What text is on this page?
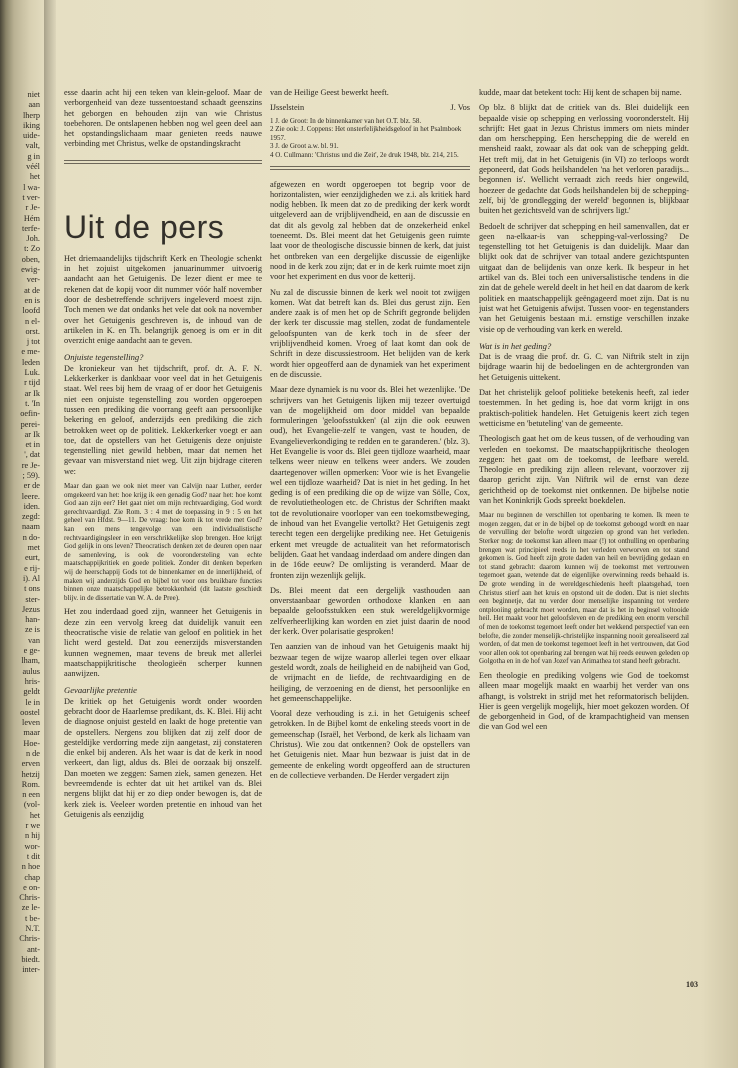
niet
aan
lherp
iking
uide-
valt,
g in
véél
het
l wa-
t ver-
r Je-
Hém
terfe-
Joh.
t: Zo
oben,
ewig-
ver-
at de
en is
loofd
n el-
orst.
j tot
e me-
leden
Luk.
r tijd
ar Ik
t. 'In
oefin-
perei-
ar Ik
et in
', dat
re Je-
; 59).
er de
leere.
iden.
zegd:
naam
n do-
met
eurt,
e rij-
i). Al
t ons
ster-
Jezus
han-
ze is
van
e ge-
lham,
aulus
hris-
geldt
le in
oostel
leven
maar
Hoe-
n de
erven
hetzij
Rom.
n een
(vol-
het
r we
n hij
wor-
t dit
n hoe
chap
e on-
Chris-
ze le-
t be-
N.T.
Chris-
ant-
biedt.
inter-

esse daarin acht hij een teken van klein-geloof. Maar de verborgenheid van deze tussentoestand schaadt geenszins het geborgen en behouden zijn van wie Christus toebehoren. De ontslapenen hebben nog wel geen deel aan het opstandingslichaam maar genieten reeds nauwe verbinding met Christus, welke de opstandingskracht

Uit de pers

Het driemaandelijks tijdschrift Kerk en Theologie schenkt in het zojuist uitgekomen januarinummer uitvoerig aandacht aan het Getuigenis. De lezer dient er mee te rekenen dat de kopij voor dit nummer vóór half november door de desbetreffende schrijvers ingeleverd moest zijn. Toch menen we dat ondanks het vele dat ook na november over het Getuigenis geschreven is, de inhoud van de artikelen in K. en Th. belangrijk genoeg is om er in dit overzicht enige aandacht aan te geven.

Onjuiste tegenstelling?

De kroniekeur van het tijdschrift, prof. dr. A. F. N. Lekkerkerker is dankbaar voor veel dat in het Getuigenis staat. Wel rees bij hem de vraag of er door het Getuigenis niet een onjuiste tegenstelling zou worden opgeroepen tussen een prediking die voorrang geeft aan persoonlijke bekering en geloof, anderzijds een prediking die zich betrokken weet op de politiek. Lekkerkerker voegt er aan toe, dat de opstellers van het Getuigenis deze onjuiste tegenstelling niet gewild hebben, maar dat nemen het gevaar van misverstand niet weg. Uit zijn bijdrage citeren we:

Maar dan gaan we ook niet meer van Calvijn naar Luther, eerder omgekeerd van het: hoe krijg ik een genadig God? naar het: hoe komt God aan zijn eer? Het gaat niet om mijn rechtvaardiging, God wordt gerechtvaardigd. Zie Rom. 3 : 4 met de toepassing in 9 : 5 en het geheel van Hfdst. 9—11. De vraag: hoe kom ik tot vrede met God? kan een mens tengevolge van een individualistische rechtvaardigingsleer in een verschrikkelijke slop brengen. Hoe krijgt God gelijk in ons leven? Theocratisch denken zet de deuren open naar de samenleving, is ook de voorondersteling van echte maatschappijkritiek en goede politiek. Zonder dit denken beperken wij de heerschappij Gods tot de binnenkamer en de innerlijkheid, of maken wij anderzijds God en bijbel tot voor ons bruikbare functies binnen onze maatschappelijke betrokkenheid (dit laatste geschiedt blijv. in de dissertatie van W. A. de Pree).

Het zou inderdaad goed zijn, wanneer het Getuigenis in deze zin een vervolg kreeg dat duidelijk vanuit een theocratische visie de relatie van geloof en politiek in het licht werd gesteld. Dat zou eenerzijds misverstanden kunnen wegnemen, maar tevens de breuk met allerlei maatschappijkritische theologieën scherper kunnen aanwijzen.

Gevaarlijke pretentie

De kritiek op het Getuigenis wordt onder woorden gebracht door de Haarlemse predikant, ds. K. Blei. Hij acht de diagnose onjuist gesteld en laakt de hoge pretentie van de opstellers. Nergens zou blijken dat zij zelf door de gesteldijke verdorring mede zijn aangetast, zij constateren die enkel bij anderen. Als het waar is dat de kerk in nood verkeert, dan ligt, aldus ds. Blei de oorzaak bij onszelf. Dan moeten we zeggen: Samen ziek, samen genezen. Het bevreemdende is echter dat uit het artikel van ds. Blei nergens blijkt dat hij er zo diep onder bewogen is, dat de kerk ziek is. Veeleer worden pretentie en inhoud van het Getuigenis als eenzijdig

van de Heilige Geest bewerkt heeft.

IJsselstein	J. Vos
1 J. de Groot: In de binnenkamer van het O.T. blz. 58.
2 Zie ook: J. Coppens: Het onsterfelijkheidsgeloof in het Psalmboek 1957.
3 J. de Groot a.w. bl. 91.
4 O. Cullmann: 'Christus und die Zeit', 2e druk 1948, blz. 214, 215.

afgewezen en wordt opgeroepen tot begrip voor de horizontalisten, wier eenzijdigheden we z.i. als kritiek hard nodig hebben. Ik meen dat zo de prediking der kerk wordt uitgeleverd aan de vrijblijvendheid, en aan de discussie en dat dit als gevolg zal hebben dat de onzekerheid enkel toeneemt. Ds. Blei meent dat het Getuigenis geen ruimte laat voor de theologische discussie binnen de kerk, dat juist het ontbreken van een dergelijke discussie de eigenlijke nood in de kerk zou zijn; dat er in de kerk ruimte moet zijn voor het experiment en dus voor de ketterij.

Nu zal de discussie binnen de kerk wel nooit tot zwijgen komen. Wat dat betreft kan ds. Blei dus gerust zijn. Een andere zaak is of men het op de Schrift gegronde belijden der kerk ter discussie mag stellen, zodat de fundamentele geloofspunten van de kerk toch in de sfeer der vrijblijvendheid komen. Vroeg of laat komt dan ook de Schrift in deze discussiestroom. Het belijden van de kerk wordt hier opgeofferd aan de dynamiek van het experiment en de discussie.

Maar deze dynamiek is nu voor ds. Blei het wezenlijke. 'De schrijvers van het Getuigenis lijken mij tezeer overtuigd van de mogelijkheid om door middel van bepaalde formuleringen 'geloofsstukken' (al zijn die ook eeuwen oud), het Evangelie-zelf te vangen, vast te houden, de Evangelieverkondiging te redden en te garanderen.' (blz. 3). Het Evangelie is voor ds. Blei geen tijdloze waarheid, maar telkens weer nieuw en telkens weer anders. We zouden daartegenover willen opmerken: Voor wie is het Evangelie wel een tijdloze waarheid? Dat is niet in het geding. In het geding is of een prediking die op de wijze van Sölle, Cox, de revolutietheologen etc. de Christus der Schriften maakt tot de revolutionaire voorloper van een toekomstbeweging, de inhoud van het Evangelie vertolkt? Het Getuigenis zegt terecht tegen een dergelijke prediking nee. Het Getuigenis erkent met vreugde de actualiteit van het reformatorisch belijden. Gaat het vandaag inderdaad om andere dingen dan in de 16de eeuw? De omlijsting is veranderd. Maar de fronten zijn wezenlijk gelijk.

Ds. Blei meent dat een dergelijk vasthouden aan onverstaanbaar geworden orthodoxe klanken en aan bepaalde geloofsstukken een stuk wereldgelijkvormige zelfverheerlijking kan worden en ziet juist daarin de nood der kerk. Over polarisatie gesproken!

Ten aanzien van de inhoud van het Getuigenis maakt hij bezwaar tegen de wijze waarop allerlei tegen over elkaar gesteld wordt, zoals de heiligheid en de nabijheid van God, de vrijmacht en de liefde, de rechtvaardiging en de heiliging, de verzoening en de dienst, het persoonlijke en het gemeenschappelijke.

Vooral deze verhouding is z.i. in het Getuigenis scheef getrokken. In de Bijbel komt de enkeling steeds voort in de gemeenschap (Israël, het Verbond, de kerk als lichaam van Christus). Wie zou dat ontkennen? Ook de opstellers van het Getuigenis niet. Maar hun bezwaar is juist dat in de gemeente de enkeling wordt opgeofferd aan de structuren en de collectieve verbanden. De Herder vergadert zijn

kudde, maar dat betekent toch: Hij kent de schapen bij name.

Op blz. 8 blijkt dat de critiek van ds. Blei duidelijk een bepaalde visie op schepping en verlossing vooronderstelt. Hij schrijft: Het gaat in Jezus Christus immers om niets minder dan om herschepping. Een herschepping die de wereld en mensheid raakt, zowaar als dat ook van de schepping geldt. Het treft mij, dat in het Getuigenis (in VI) zo terloops wordt geponeerd, dat Gods heilshandelen 'na het verloren paradijs... begonnen is'. Wellicht verraadt zich reeds hier ongewild, hoezeer de gedachte dat Gods heilshandelen bij de schepping-zelf, bij 'de grondlegging der wereld' begonnen is, blijkbaar buiten het gezichtsveld van de schrijvers ligt.'

Bedoelt de schrijver dat schepping en heil samenvallen, dat er geen na-elkaar-is van schepping-val-verlossing? De tegenstelling tot het Getuigenis is dan duidelijk. Maar dan blijkt ook dat de schrijver van totaal andere gezichtspunten uitgaat dan de belijdenis van onze kerk. Ik bespeur in het artikel van ds. Blei toch een universalistische tendens in die zin dat de gehele wereld deelt in het heil en dat daarom de kerk politiek en maatschappelijk geëngageerd moet zijn. Dat is nu juist wat het Getuigenis afwijst. Tussen voor- en tegenstanders van het Getuigenis bestaan m.i. ernstige verschillen inzake visie op de verhouding van kerk en wereld.

Wat is in het geding?

Dat is de vraag die prof. dr. G. C. van Niftrik stelt in zijn bijdrage waarin hij de bedoelingen en de achtergronden van het Getuigenis uittekent.

Dat het christelijk geloof politieke betekenis heeft, zal ieder toestemmen. In het geding is, hoe dat vorm krijgt in ons praktisch-politiek handelen. Het Getuigenis keert zich tegen wetticisme en 'betuteling' van de gemeente.

Theologisch gaat het om de keus tussen, of de verhouding van verleden en toekomst. De maatschappijkritische theologen zeggen: het gaat om de toekomst, de leefbare wereld. Theologie en prediking zijn alleen relevant, voorzover zij daarop gericht zijn. Van Niftrik wil de ernst van deze gerichtheid op de toekomst niet ontkennen. De bijbelse notie van het Koninkrijk Gods spreekt boekdelen.

Maar nu beginnen de verschillen tot openbaring te komen. Ik meen te mogen zeggen, dat er in de bijbel op de toekomst geboogd wordt en naar de vervulling der beloftе wordt uitgezien op grond van het verleden. Sterker nog: de toekomst kan alleen maar (!) tot onthulling en openbaring brengen wat principieel reeds in het verleden verworven en tot stand gekomen is. God heeft zijn grote daden van heil en bevrijding gedaan en tot stand gebracht: daarom kunnen wij de toekomst met vertrouwen tegemoet gaan, wetende dat de eigenlijke overwinning reeds behaald is. De grote wending in de wereldgeschiedenis heeft plaatsgehad, toen Christus stierf aan het kruis en opstond uit de doden. Dat is niet slechts een beginnetje, dat nu verder door menselijke inspanning tot verdere ontplooiing gebracht moet worden, maar dat is het in beginsel voltooide heil. Het maakt voor het geloofsleven en de prediking een enorm verschil of men de toekomst tegemoet leeft onder het wekkend perspectief van een belofte, die zonder menselijk-christelijke inspanning nooit gerealiseerd zal worden, of dat men de toekomst tegemoet leeft in het vertrouwen, dat God voor allen ook tot openbaring zal brengen wat hij reeds eeuwen geleden op Golgotha en in de hof van Jozef van Arimathea tot stand heeft gebracht.

Een theologie en prediking volgens wie God de toekomst alleen maar mogelijk maakt en waarbij het verder van ons afhangt, is volstrekt in strijd met het reformatorisch belijden. Hier is geen vergelijk mogelijk, hier moet gekozen worden. Of de geborgenheid in God, of de krampachtigheid van mensen die van God wel een

103
